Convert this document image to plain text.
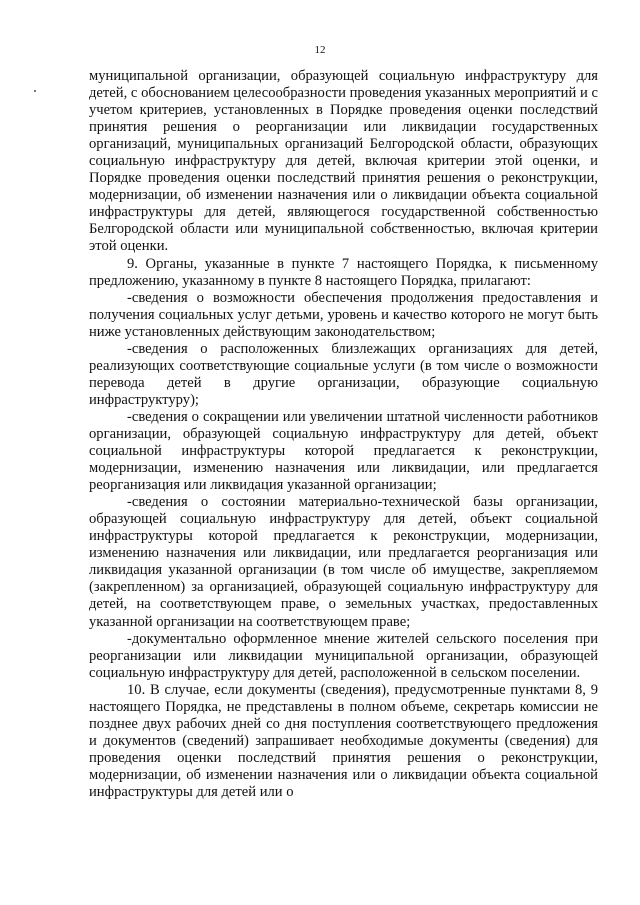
12

муниципальной организации, образующей социальную инфраструктуру для детей, с обоснованием целесообразности проведения указанных мероприятий и с учетом критериев, установленных в Порядке проведения оценки последствий принятия решения о реорганизации или ликвидации государственных организаций, муниципальных организаций Белгородской области, образующих социальную инфраструктуру для детей, включая критерии этой оценки, и Порядке проведения оценки последствий принятия решения о реконструкции, модернизации, об изменении назначения или о ликвидации объекта социальной инфраструктуры для детей, являющегося государственной собственностью Белгородской области или муниципальной собственностью, включая критерии этой оценки.

9. Органы, указанные в пункте 7 настоящего Порядка, к письменному предложению, указанному в пункте 8 настоящего Порядка, прилагают:

-сведения о возможности обеспечения продолжения предоставления и получения социальных услуг детьми, уровень и качество которого не могут быть ниже установленных действующим законодательством;

-сведения о расположенных близлежащих организациях для детей, реализующих соответствующие социальные услуги (в том числе о возможности перевода детей в другие организации, образующие социальную инфраструктуру);

-сведения о сокращении или увеличении штатной численности работников организации, образующей социальную инфраструктуру для детей, объект социальной инфраструктуры которой предлагается к реконструкции, модернизации, изменению назначения или ликвидации, или предлагается реорганизация или ликвидация указанной организации;

-сведения о состоянии материально-технической базы организации, образующей социальную инфраструктуру для детей, объект социальной инфраструктуры которой предлагается к реконструкции, модернизации, изменению назначения или ликвидации, или предлагается реорганизация или ликвидация указанной организации (в том числе об имуществе, закрепляемом (закрепленном) за организацией, образующей социальную инфраструктуру для детей, на соответствующем праве, о земельных участках, предоставленных указанной организации на соответствующем праве;

-документально оформленное мнение жителей сельского поселения при реорганизации или ликвидации муниципальной организации, образующей социальную инфраструктуру для детей, расположенной в сельском поселении.

10. В случае, если документы (сведения), предусмотренные пунктами 8, 9 настоящего Порядка, не представлены в полном объеме, секретарь комиссии не позднее двух рабочих дней со дня поступления соответствующего предложения и документов (сведений) запрашивает необходимые документы (сведения) для проведения оценки последствий принятия решения о реконструкции, модернизации, об изменении назначения или о ликвидации объекта социальной инфраструктуры для детей или о
